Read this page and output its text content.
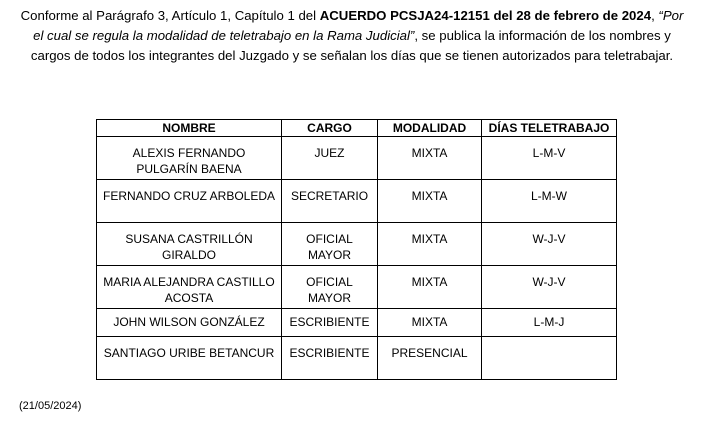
Conforme al Parágrafo 3, Artículo 1, Capítulo 1 del ACUERDO PCSJA24-12151 del 28 de febrero de 2024, “Por el cual se regula la modalidad de teletrabajo en la Rama Judicial”, se publica la información de los nombres y cargos de todos los integrantes del Juzgado y se señalan los días que se tienen autorizados para teletrabajar.
NOMBRE	CARGO	MODALIDAD	DÍAS TELETRABAJO
ALEXIS FERNANDO PULGARÍN BAENA	JUEZ	MIXTA	L-M-V
FERNANDO CRUZ ARBOLEDA	SECRETARIO	MIXTA	L-M-W
SUSANA CASTRILLÓN GIRALDO	OFICIAL MAYOR	MIXTA	W-J-V
MARIA ALEJANDRA CASTILLO ACOSTA	OFICIAL MAYOR	MIXTA	W-J-V
JOHN WILSON GONZÁLEZ	ESCRIBIENTE	MIXTA	L-M-J
SANTIAGO URIBE BETANCUR	ESCRIBIENTE	PRESENCIAL	
(21/05/2024)
